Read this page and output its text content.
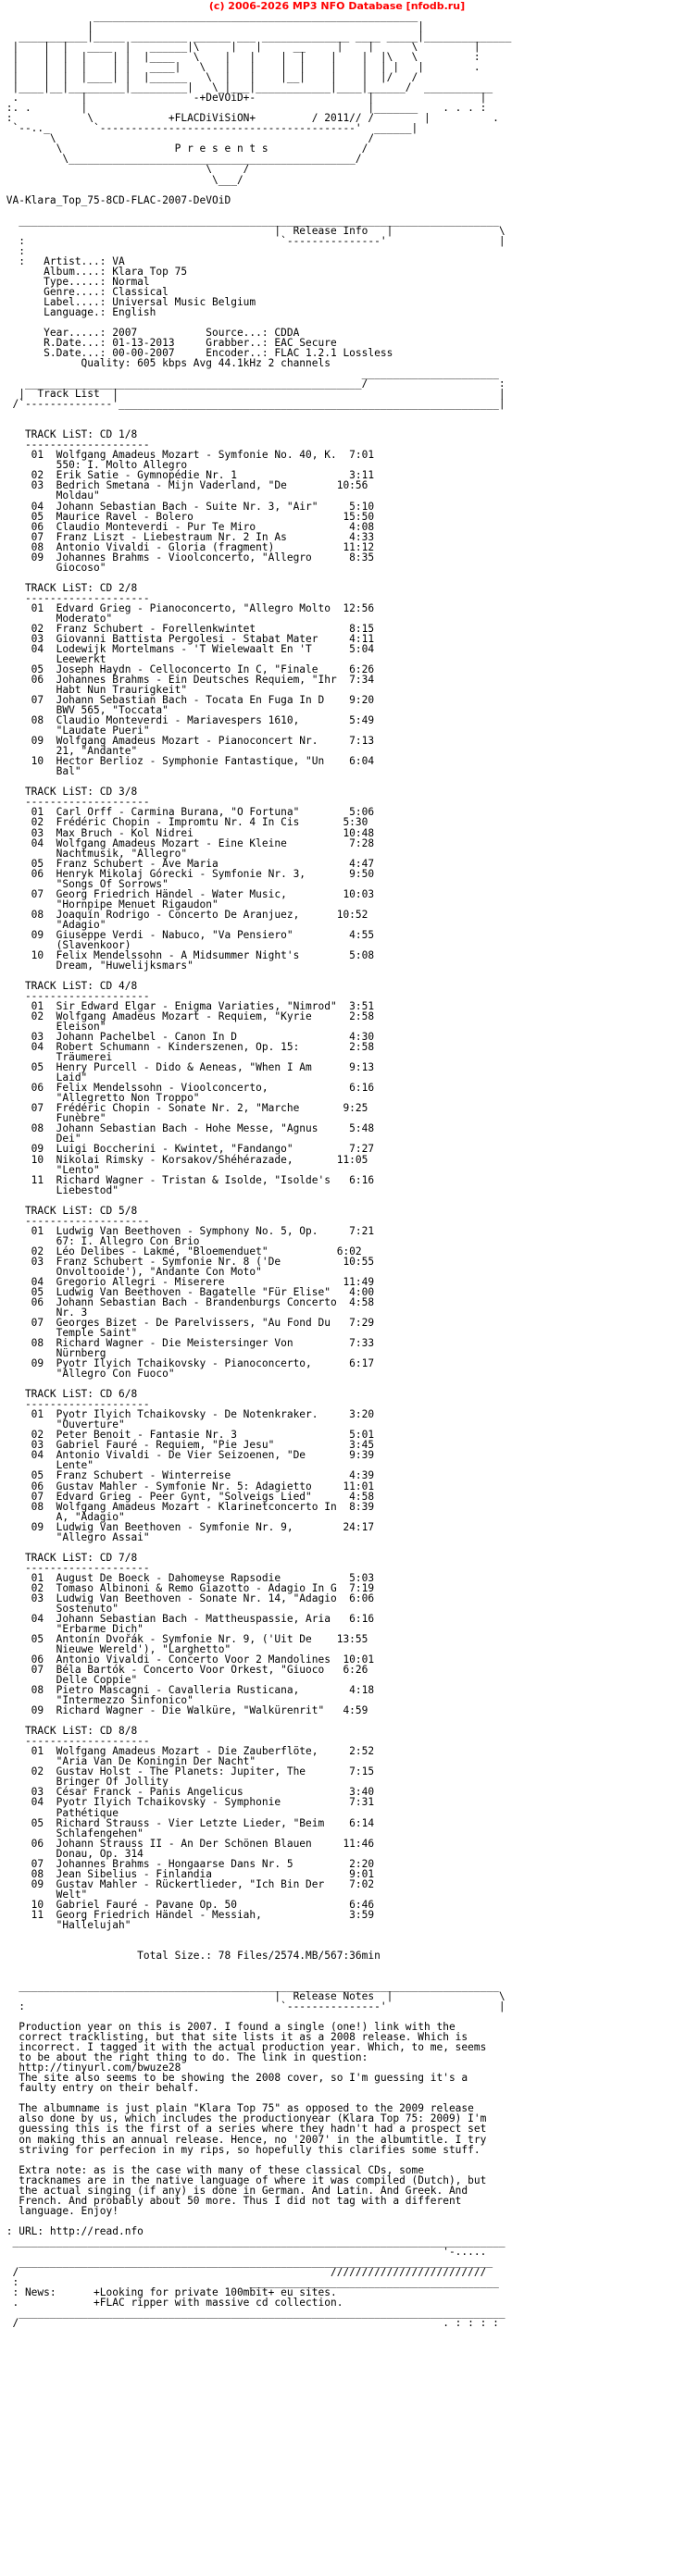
(c) 2006-2026 MP3 NFO Database [nfodb.ru]
____________________________________________________
|                                                    |
___________|_____ _________ ______ ___ ______________ ____ _____|______________
|    |  |   ____  |   ______|\     |   |     __     |    |      \         |
|    |  |  |    | |  |____   \    |   |    |  |    |    |  |\   \         :
|    |  |  |    | |   ____|   \   |   |    |  |    |    |  | |   |        .
|    |  |  |____| |  |______   \  |   |    |__|    |    |  |/   /
|____|__|_________|_________|   \_|___|____________|____|______/  ___________
.          |                 -+DeVOiD+-                  |                 |
:. .        |                                             |_______    . . . :
:            \            +FLACDiViSiON+         / 2011// /        |          .
`--.._       `-----------------------------------------'  ______|
\                                                  /
\                  P r e s e n t s               /
\______________________________________________/
\     /
\___/

VA-Klara_Top_75-8CD-FLAC-2007-DeVOiD

_____________________________________________________________________________
|  Release Info   |                 \
:                                         `---------------'                  |
:
:   Artist...: VA
Album....: Klara Top 75
Type.....: Normal
Genre....: Classical
Label....: Universal Music Belgium
Language.: English

Year.....: 2007           Source...: CDDA
R.Date...: 01-13-2013     Grabber..: EAC Secure
S.Date...: 00-00-2007     Encoder..: FLAC 1.2.1 Lossless
Quality: 605 kbps Avg 44.1kHz 2 channels
______________________
______________________________________________________/                     :
|  Track List  |                                                             |
/`--------------'_____________________________________________________________|

TRACK LiST: CD 1/8
--------------------
01  Wolfgang Amadeus Mozart - Symfonie No. 40, K.  7:01
550: I. Molto Allegro
02  Erik Satie - Gymnopédie Nr. 1                  3:11
03  Bedrich Smetana - Mijn Vaderland, "De        10:56
Moldau"
04  Johann Sebastian Bach - Suite Nr. 3, "Air"     5:10
05  Maurice Ravel - Bolero                        15:50
06  Claudio Monteverdi - Pur Te Miro               4:08
07  Franz Liszt - Liebestraum Nr. 2 In As          4:33
08  Antonio Vivaldi - Gloria (fragment)           11:12
09  Johannes Brahms - Vioolconcerto, "Allegro      8:35
Giocoso"

TRACK LiST: CD 2/8
--------------------
01  Edvard Grieg - Pianoconcerto, "Allegro Molto  12:56
Moderato"
02  Franz Schubert - Forellenkwintet               8:15
03  Giovanni Battista Pergolesi - Stabat Mater     4:11
04  Lodewijk Mortelmans - 'T Wielewaalt En 'T      5:04
Leewerkt
05  Joseph Haydn - Celloconcerto In C, "Finale     6:26
06  Johannes Brahms - Ein Deutsches Requiem, "Ihr  7:34
Habt Nun Traurigkeit"
07  Johann Sebastian Bach - Tocata En Fuga In D    9:20
BWV 565, "Toccata"
08  Claudio Monteverdi - Mariavespers 1610,        5:49
"Laudate Pueri"
09  Wolfgang Amadeus Mozart - Pianoconcert Nr.     7:13
21, "Andante"
10  Hector Berlioz - Symphonie Fantastique, "Un    6:04
Bal"

TRACK LiST: CD 3/8
--------------------
01  Carl Orff - Carmina Burana, "O Fortuna"        5:06
02  Frédéric Chopin - Impromtu Nr. 4 In Cis       5:30
03  Max Bruch - Kol Nidrei                        10:48
04  Wolfgang Amadeus Mozart - Eine Kleine          7:28
Nachtmusik, "Allegro"
05  Franz Schubert - Ave Maria                     4:47
06  Henryk Mikolaj Górecki - Symfonie Nr. 3,       9:50
"Songs Of Sorrows"
07  Georg Friedrich Händel - Water Music,         10:03
"Hornpipe Menuet Rigaudon"
08  Joaquín Rodrigo - Concerto De Aranjuez,      10:52
"Adagio"
09  Giuseppe Verdi - Nabuco, "Va Pensiero"         4:55
(Slavenkoor)
10  Felix Mendelssohn - A Midsummer Night's        5:08
Dream, "Huwelijksmars"

TRACK LiST: CD 4/8
--------------------
01  Sir Edward Elgar - Enigma Variaties, "Nimrod"  3:51
02  Wolfgang Amadeus Mozart - Requiem, "Kyrie      2:58
Eleison"
03  Johann Pachelbel - Canon In D                  4:30
04  Robert Schumann - Kinderszenen, Op. 15:        2:58
Träumerei
05  Henry Purcell - Dido & Aeneas, "When I Am      9:13
Laid"
06  Felix Mendelssohn - Vioolconcerto,             6:16
"Allegretto Non Troppo"
07  Frédéric Chopin - Sonate Nr. 2, "Marche       9:25
Funèbre"
08  Johann Sebastian Bach - Hohe Messe, "Agnus     5:48
Dei"
09  Luigi Boccherini - Kwintet, "Fandango"         7:27
10  Nikolai Rimsky - Korsakov/Shéhérazade,       11:05
"Lento"
11  Richard Wagner - Tristan & Isolde, "Isolde's   6:16
Liebestod"

TRACK LiST: CD 5/8
--------------------
01  Ludwig Van Beethoven - Symphony No. 5, Op.     7:21
67: I. Allegro Con Brio
02  Léo Delibes - Lakmé, "Bloemenduet"           6:02
03  Franz Schubert - Symfonie Nr. 8 ('De          10:55
Onvoltooide'), "Andante Con Moto"
04  Gregorio Allegri - Miserere                   11:49
05  Ludwig Van Beethoven - Bagatelle "Für Elise"   4:00
06  Johann Sebastian Bach - Brandenburgs Concerto  4:58
Nr. 3
07  Georges Bizet - De Parelvissers, "Au Fond Du   7:29
Temple Saint"
08  Richard Wagner - Die Meistersinger Von         7:33
Nürnberg
09  Pyotr Ilyich Tchaikovsky - Pianoconcerto,      6:17
"Allegro Con Fuoco"

TRACK LiST: CD 6/8
--------------------
01  Pyotr Ilyich Tchaikovsky - De Notenkraker.     3:20
"Ouverture"
02  Peter Benoit - Fantasie Nr. 3                  5:01
03  Gabriel Fauré - Requiem, "Pie Jesu"            3:45
04  Antonio Vivaldi - De Vier Seizoenen, "De       9:39
Lente"
05  Franz Schubert - Winterreise                   4:39
06  Gustav Mahler - Symfonie Nr. 5: Adagietto     11:01
07  Edvard Grieg - Peer Gynt, "Solveigs Lied"      4:58
08  Wolfgang Amadeus Mozart - Klarinetconcerto In  8:39
A, "Adagio"
09  Ludwig Van Beethoven - Symfonie Nr. 9,        24:17
"Allegro Assai"

TRACK LiST: CD 7/8
--------------------
01  August De Boeck - Dahomeyse Rapsodie           5:03
02  Tomaso Albinoni & Remo Giazotto - Adagio In G  7:19
03  Ludwig Van Beethoven - Sonate Nr. 14, "Adagio  6:06
Sostenuto"
04  Johann Sebastian Bach - Mattheuspassie, Aria   6:16
"Erbarme Dich"
05  Antonín Dvořák - Symfonie Nr. 9, ('Uit De    13:55
Nieuwe Wereld'), "Larghetto"
06  Antonio Vivaldi - Concerto Voor 2 Mandolines  10:01
07  Béla Bartók - Concerto Voor Orkest, "Giuoco   6:26
Delle Coppie"
08  Pietro Mascagni - Cavalleria Rusticana,        4:18
"Intermezzo Sinfonico"
09  Richard Wagner - Die Walküre, "Walkürenrit"   4:59

TRACK LiST: CD 8/8
--------------------
01  Wolfgang Amadeus Mozart - Die Zauberflöte,     2:52
"Aria Van De Koningin Der Nacht"
02  Gustav Holst - The Planets: Jupiter, The       7:15
Bringer Of Jollity
03  César Franck - Panis Angelicus                 3:40
04  Pyotr Ilyich Tchaikovsky - Symphonie           7:31
Pathétique
05  Richard Strauss - Vier Letzte Lieder, "Beim    6:14
Schlafengehen"
06  Johann Strauss II - An Der Schönen Blauen     11:46
Donau, Op. 314
07  Johannes Brahms - Hongaarse Dans Nr. 5         2:20
08  Jean Sibelius - Finlandia                      9:01
09  Gustav Mahler - Rückertlieder, "Ich Bin Der    7:02
Welt"
10  Gabriel Fauré - Pavane Op. 50                  6:46
11  Georg Friedrich Händel - Messiah,              3:59
"Hallelujah"

Total Size.: 78 Files/2574.MB/567:36min

_____________________________________________________________________________
|  Release Notes  |                 \
:                                         `---------------'                  |

Production year on this is 2007. I found a single (one!) link with the
correct tracklisting, but that site lists it as a 2008 release. Which is
incorrect. I tagged it with the actual production year. Which, to me, seems
to be about the right thing to do. The link in question:
http://tinyurl.com/bwuze28
The site also seems to be showing the 2008 cover, so I'm guessing it's a
faulty entry on their behalf.

The albumname is just plain "Klara Top 75" as opposed to the 2009 release
also done by us, which includes the productionyear (Klara Top 75: 2009) I'm
guessing this is the first of a series where they hadn't had a prospect set
on making this an annual release. Hence, no '2007' in the albumtitle. I try
striving for perfecion in my rips, so hopefully this clarifies some stuff.

Extra note: as is the case with many of these classical CDs, some
tracknames are in the native language of where it was compiled (Dutch), but
the actual singing (if any) is done in German. And Latin. And Greek. And
French. And probably about 50 more. Thus I did not tag with a different
language. Enjoy!

: URL: http://read.nfo
_______________________________________________________________________________
'-.....
____________________________________________________________________________
/                                                  /////////////////////////
:                                     ________________________________________
: News:      +Looking for private 100mbit+ eu sites.
.            +FLAC ripper with massive cd collection.
______________________________________________________________________________
/                                                                    . : : : :
